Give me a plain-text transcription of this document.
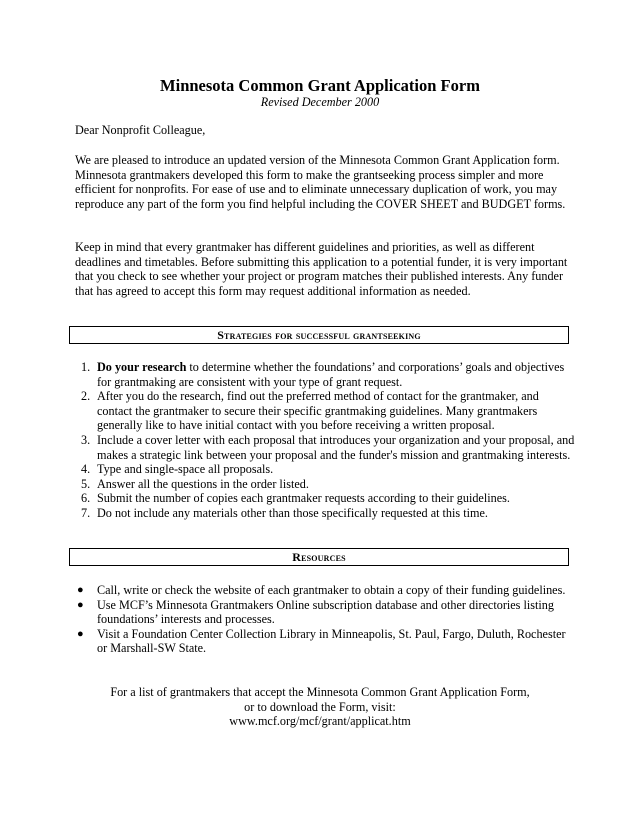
Minnesota Common Grant Application Form
Revised December 2000

Dear Nonprofit Colleague,

We are pleased to introduce an updated version of the Minnesota Common Grant Application form. Minnesota grantmakers developed this form to make the grantseeking process simpler and more efficient for nonprofits. For ease of use and to eliminate unnecessary duplication of work, you may reproduce any part of the form you find helpful including the COVER SHEET and BUDGET forms.

Keep in mind that every grantmaker has different guidelines and priorities, as well as different deadlines and timetables. Before submitting this application to a potential funder, it is very important that you check to see whether your project or program matches their published interests. Any funder that has agreed to accept this form may request additional information as needed.

Strategies for successful grantseeking
1. Do your research to determine whether the foundations’ and corporations’ goals and objectives for grantmaking are consistent with your type of grant request.
2. After you do the research, find out the preferred method of contact for the grantmaker, and contact the grantmaker to secure their specific grantmaking guidelines. Many grantmakers generally like to have initial contact with you before receiving a written proposal.
3. Include a cover letter with each proposal that introduces your organization and your proposal, and makes a strategic link between your proposal and the funder's mission and grantmaking interests.
4. Type and single-space all proposals.
5. Answer all the questions in the order listed.
6. Submit the number of copies each grantmaker requests according to their guidelines.
7. Do not include any materials other than those specifically requested at this time.
Resources
● Call, write or check the website of each grantmaker to obtain a copy of their funding guidelines.
● Use MCF’s Minnesota Grantmakers Online subscription database and other directories listing foundations’ interests and processes.
● Visit a Foundation Center Collection Library in Minneapolis, St. Paul, Fargo, Duluth, Rochester or Marshall-SW State.
For a list of grantmakers that accept the Minnesota Common Grant Application Form,
or to download the Form, visit:
www.mcf.org/mcf/grant/applicat.htm
